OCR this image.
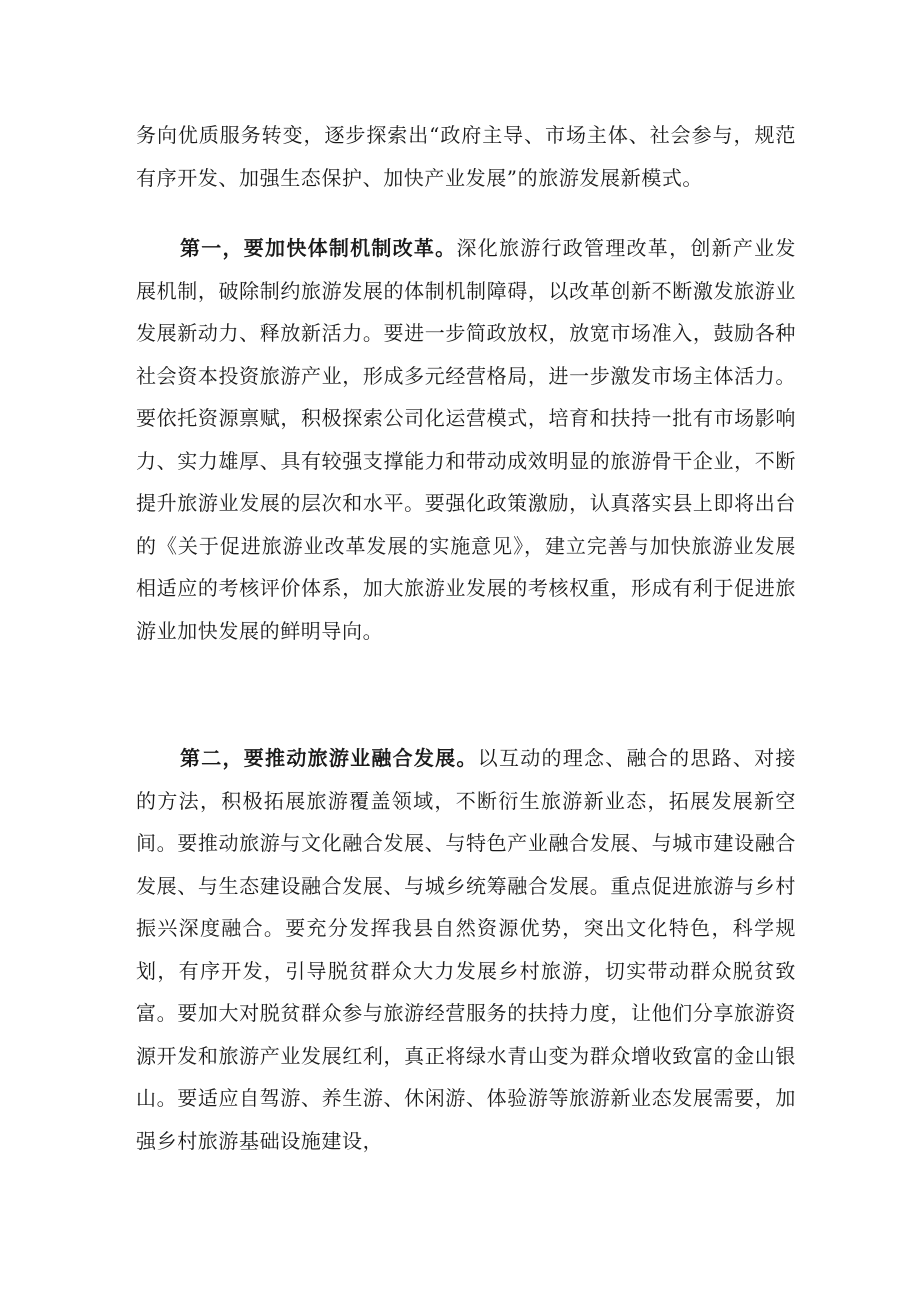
务向优质服务转变，逐步探索出“政府主导、市场主体、社会参与，规范有序开发、加强生态保护、加快产业发展”的旅游发展新模式。

第一，要加快体制机制改革。深化旅游行政管理改革，创新产业发展机制，破除制约旅游发展的体制机制障碍，以改革创新不断激发旅游业发展新动力、释放新活力。要进一步简政放权，放宽市场准入，鼓励各种社会资本投资旅游产业，形成多元经营格局，进一步激发市场主体活力。要依托资源禀赋，积极探索公司化运营模式，培育和扶持一批有市场影响力、实力雄厚、具有较强支撑能力和带动成效明显的旅游骨干企业，不断提升旅游业发展的层次和水平。要强化政策激励，认真落实县上即将出台的《关于促进旅游业改革发展的实施意见》，建立完善与加快旅游业发展相适应的考核评价体系，加大旅游业发展的考核权重，形成有利于促进旅游业加快发展的鲜明导向。

第二，要推动旅游业融合发展。以互动的理念、融合的思路、对接的方法，积极拓展旅游覆盖领域，不断衍生旅游新业态，拓展发展新空间。要推动旅游与文化融合发展、与特色产业融合发展、与城市建设融合发展、与生态建设融合发展、与城乡统筹融合发展。重点促进旅游与乡村振兴深度融合。要充分发挥我县自然资源优势，突出文化特色，科学规划，有序开发，引导脱贫群众大力发展乡村旅游，切实带动群众脱贫致富。要加大对脱贫群众参与旅游经营服务的扶持力度，让他们分享旅游资源开发和旅游产业发展红利，真正将绿水青山变为群众增收致富的金山银山。要适应自驾游、养生游、休闲游、体验游等旅游新业态发展需要，加强乡村旅游基础设施建设，
